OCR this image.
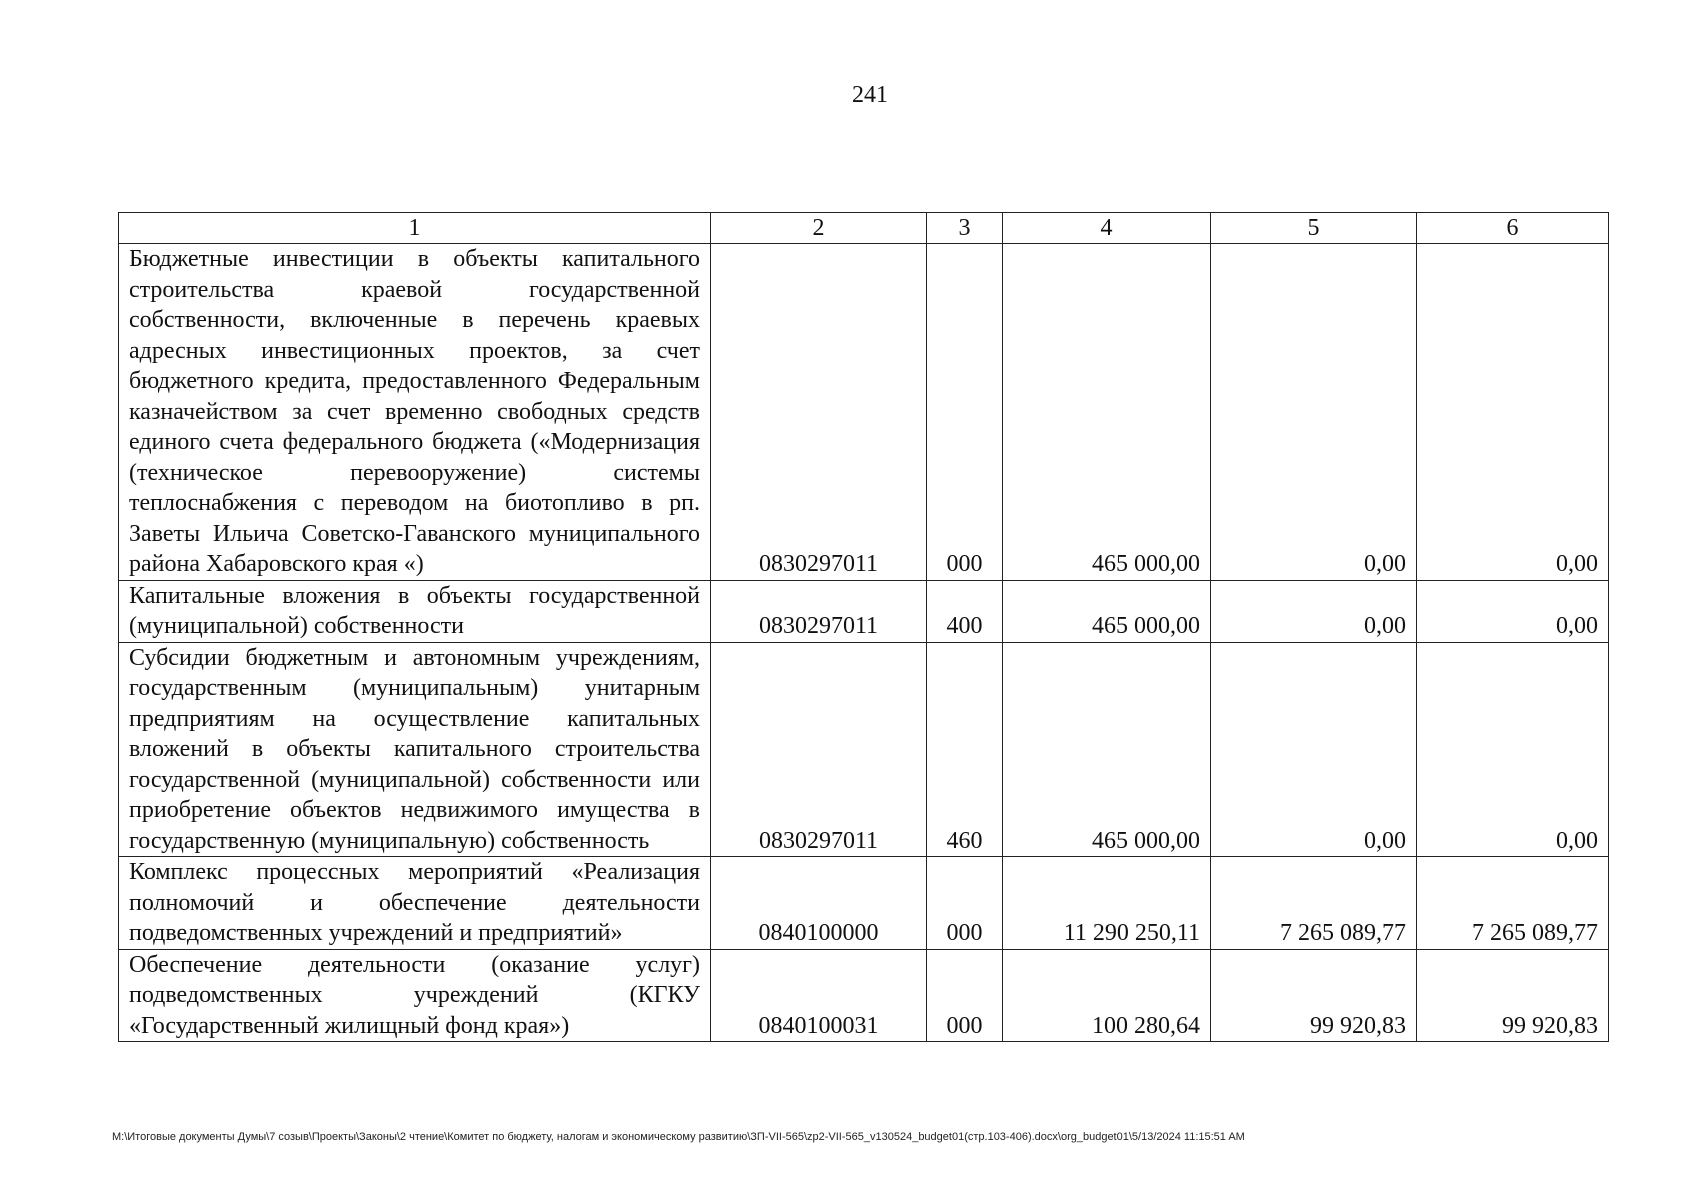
241
1	2	3	4	5	6
Бюджетные инвестиции в объекты капитального строительства краевой государственной собственности, включенные в перечень краевых адресных инвестиционных проектов, за счет бюджетного кредита, предоставленного Федеральным казначейством за счет временно свободных средств единого счета федерального бюджета («Модернизация (техническое перевооружение) системы теплоснабжения с переводом на биотопливо в рп. Заветы Ильича Советско-Гаванского муниципального района Хабаровского края «)	0830297011	000	465 000,00	0,00	0,00
Капитальные вложения в объекты государственной (муниципальной) собственности	0830297011	400	465 000,00	0,00	0,00
Субсидии бюджетным и автономным учреждениям, государственным (муниципальным) унитарным предприятиям на осуществление капитальных вложений в объекты капитального строительства государственной (муниципальной) собственности или приобретение объектов недвижимого имущества в государственную (муниципальную) собственность	0830297011	460	465 000,00	0,00	0,00
Комплекс процессных мероприятий «Реализация полномочий и обеспечение деятельности подведомственных учреждений и предприятий»	0840100000	000	11 290 250,11	7 265 089,77	7 265 089,77
Обеспечение деятельности (оказание услуг) подведомственных учреждений (КГКУ «Государственный жилищный фонд края»)	0840100031	000	100 280,64	99 920,83	99 920,83
M:\Итоговые документы Думы\7 созыв\Проекты\Законы\2 чтение\Комитет по бюджету, налогам и экономическому развитию\ЗП-VII-565\zp2-VII-565_v130524_budget01(стр.103-406).docx\org_budget01\5/13/2024 11:15:51 AM
